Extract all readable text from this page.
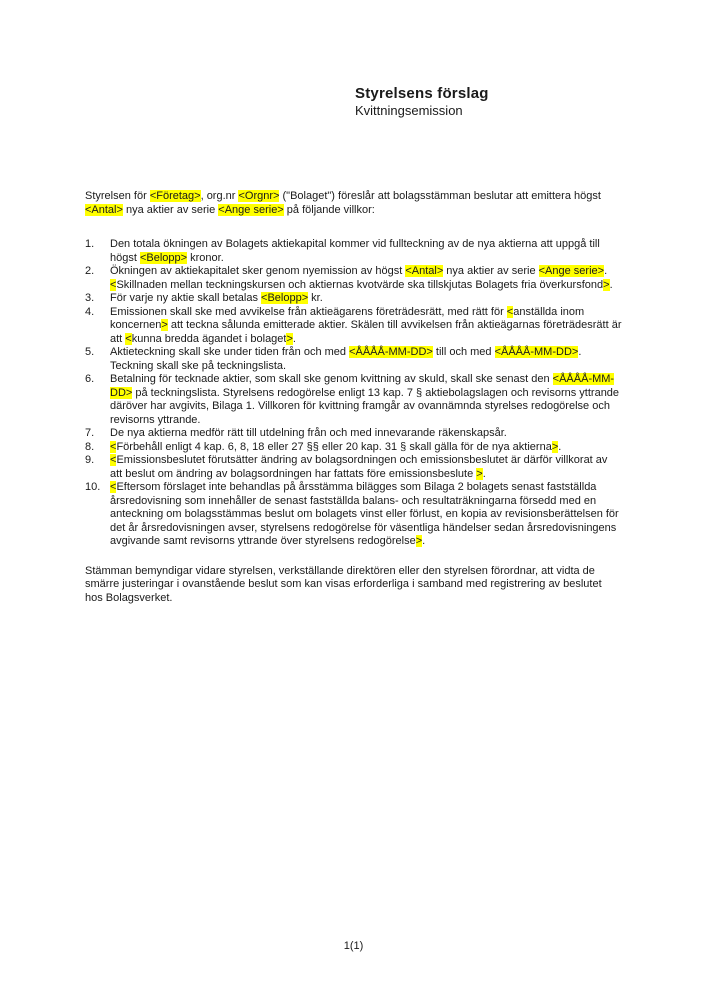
Styrelsens förslag
Kvittningsemission

Styrelsen för <Företag>, org.nr <Orgnr> ("Bolaget") föreslår att bolagsstämman beslutar att emittera högst <Antal> nya aktier av serie <Ange serie> på följande villkor:

1.	Den totala ökningen av Bolagets aktiekapital kommer vid fullteckning av de nya aktierna att uppgå till högst <Belopp> kronor.
2.	Ökningen av aktiekapitalet sker genom nyemission av högst <Antal> nya aktier av serie <Ange serie>. <Skillnaden mellan teckningskursen och aktiernas kvotvärde ska tillskjutas Bolagets fria överkursfond>.
3.	För varje ny aktie skall betalas <Belopp> kr.
4.	Emissionen skall ske med avvikelse från aktieägarens företrädesrätt, med rätt för <anställda inom koncernen> att teckna sålunda emitterade aktier. Skälen till avvikelsen från aktieägarnas företrädesrätt är att <kunna bredda ägandet i bolaget>.
5.	Aktieteckning skall ske under tiden från och med <ÅÅÅÅ-MM-DD> till och med <ÅÅÅÅ-MM-DD>. Teckning skall ske på teckningslista.
6.	Betalning för tecknade aktier, som skall ske genom kvittning av skuld, skall ske senast den <ÅÅÅÅ-MM-DD> på teckningslista. Styrelsens redogörelse enligt 13 kap. 7 § aktiebolagslagen och revisorns yttrande däröver har avgivits, Bilaga 1. Villkoren för kvittning framgår av ovannämnda styrelses redogörelse och revisorns yttrande.
7.	De nya aktierna medför rätt till utdelning från och med innevarande räkenskapsår.
8.	<Förbehåll enligt 4 kap. 6, 8, 18 eller 27 §§ eller 20 kap. 31 § skall gälla för de nya aktierna>.
9.	<Emissionsbeslutet förutsätter ändring av bolagsordningen och emissionsbeslutet är därför villkorat av att beslut om ändring av bolagsordningen har fattats före emissionsbeslute >.
10. <Eftersom förslaget inte behandlas på årsstämma bilägges som Bilaga 2 bolagets senast fastställda årsredovisning som innehåller de senast fastställda balans- och resultaträkningarna försedd med en anteckning om bolagsstämmas beslut om bolagets vinst eller förlust, en kopia av revisionsberättelsen för det år årsredovisningen avser, styrelsens redogörelse för väsentliga händelser sedan årsredovisningens avgivande samt revisorns yttrande över styrelsens redogörelse>.

Stämman bemyndigar vidare styrelsen, verkställande direktören eller den styrelsen förordnar, att vidta de smärre justeringar i ovanstående beslut som kan visas erforderliga i samband med registrering av beslutet hos Bolagsverket.

1(1)
